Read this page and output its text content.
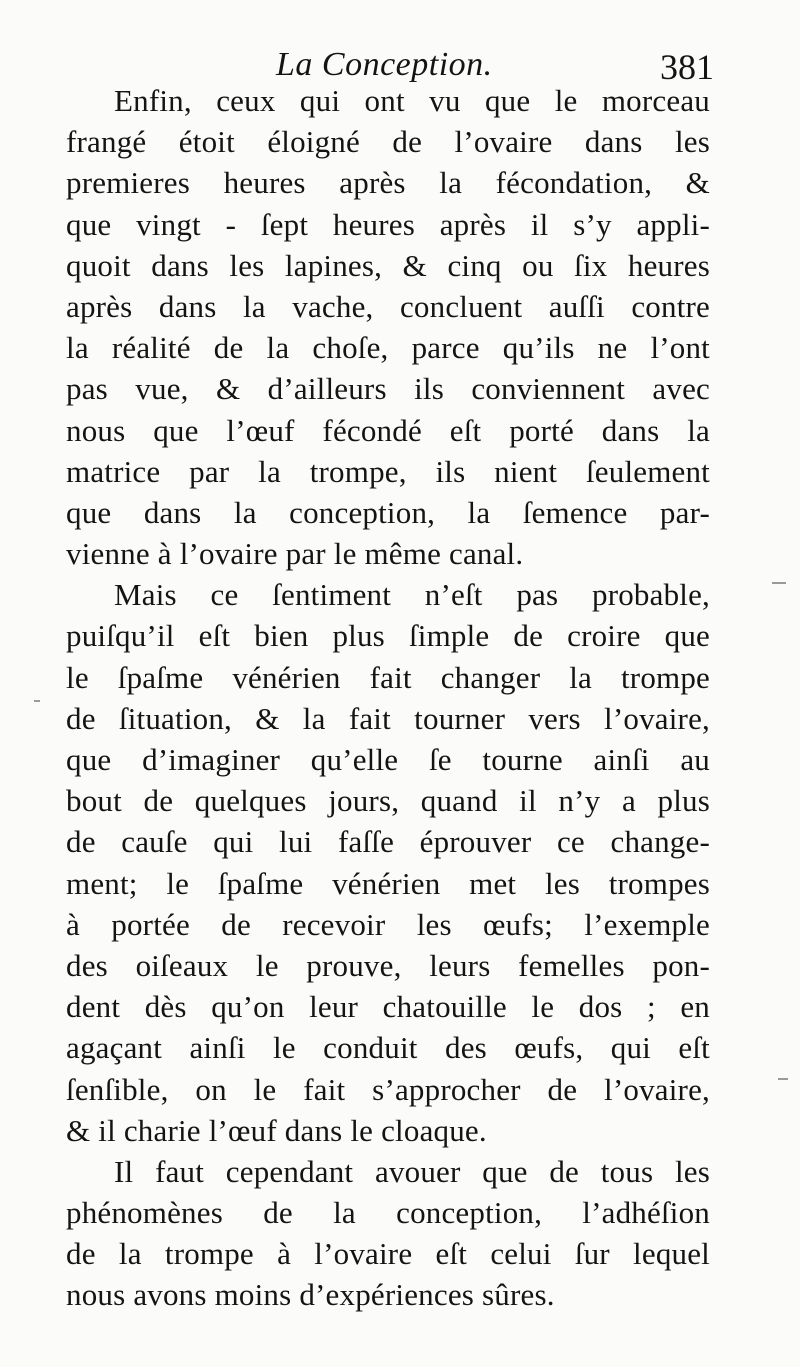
La Conception.	381
Enfin, ceux qui ont vu que le morceau
frangé étoit éloigné de l’ovaire dans les
premieres heures après la fécondation, &
que vingt - ſept heures après il s’y appli-
quoit dans les lapines, & cinq ou ſix heures
après dans la vache, concluent auſſi contre
la réalité de la choſe, parce qu’ils ne l’ont
pas vue, & d’ailleurs ils conviennent avec
nous que l’œuf fécondé eſt porté dans la
matrice par la trompe, ils nient ſeulement
que dans la conception, la ſemence par-
vienne à l’ovaire par le même canal.
Mais ce ſentiment n’eſt pas probable,
puiſqu’il eſt bien plus ſimple de croire que
le ſpaſme vénérien fait changer la trompe
de ſituation, & la fait tourner vers l’ovaire,
que d’imaginer qu’elle ſe tourne ainſi au
bout de quelques jours, quand il n’y a plus
de cauſe qui lui faſſe éprouver ce change-
ment; le ſpaſme vénérien met les trompes
à portée de recevoir les œufs; l’exemple
des oiſeaux le prouve, leurs femelles pon-
dent dès qu’on leur chatouille le dos ; en
agaçant ainſi le conduit des œufs, qui eſt
ſenſible, on le fait s’approcher de l’ovaire,
& il charie l’œuf dans le cloaque.
Il faut cependant avouer que de tous les
phénomènes de la conception, l’adhéſion
de la trompe à l’ovaire eſt celui ſur lequel
nous avons moins d’expériences sûres.
